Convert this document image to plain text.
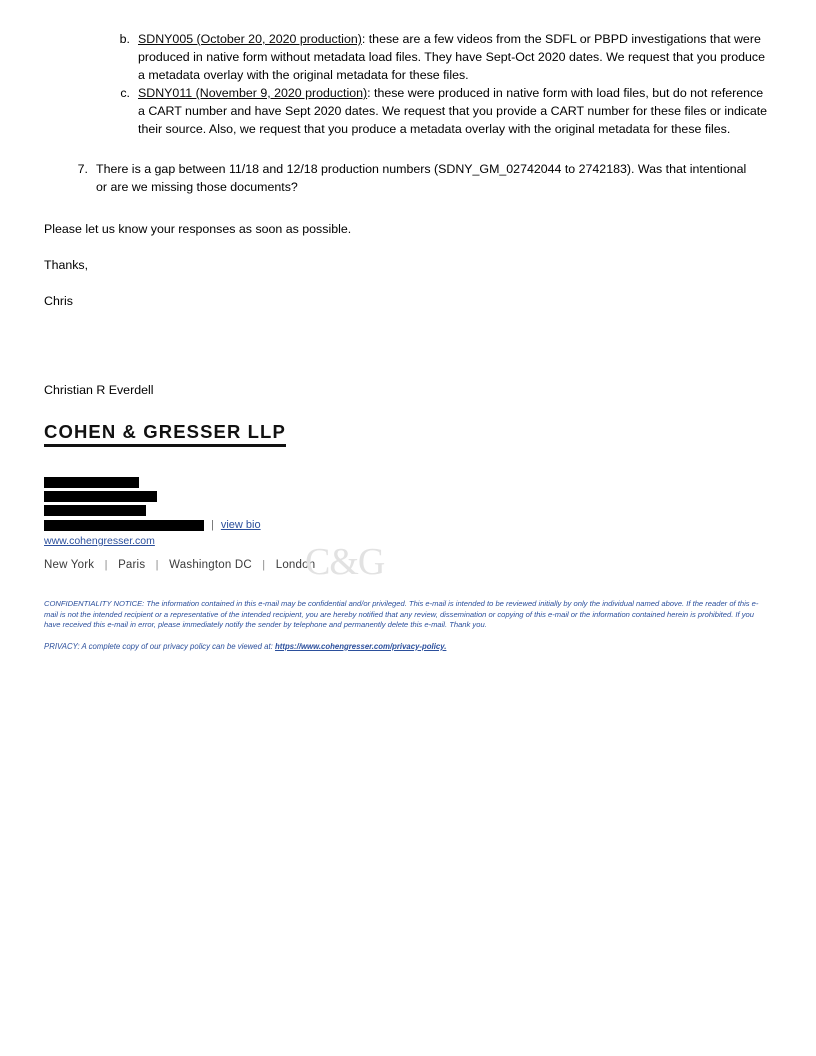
b. SDNY005 (October 20, 2020 production): these are a few videos from the SDFL or PBPD investigations that were produced in native form without metadata load files. They have Sept-Oct 2020 dates. We request that you produce a metadata overlay with the original metadata for these files.
c. SDNY011 (November 9, 2020 production): these were produced in native form with load files, but do not reference a CART number and have Sept 2020 dates. We request that you provide a CART number for these files or indicate their source. Also, we request that you produce a metadata overlay with the original metadata for these files.
7. There is a gap between 11/18 and 12/18 production numbers (SDNY_GM_02742044 to 2742183). Was that intentional or are we missing those documents?

Please let us know your responses as soon as possible.

Thanks,

Chris

Christian R Everdell
COHEN & GRESSER LLP
| view bio
www.cohengresser.com
New York | Paris | Washington DC | London
C&G
CONFIDENTIALITY NOTICE: The information contained in this e-mail may be confidential and/or privileged. This e-mail is intended to be reviewed initially by only the individual named above. If the reader of this e-mail is not the intended recipient or a representative of the intended recipient, you are hereby notified that any review, dissemination or copying of this e-mail or the information contained herein is prohibited. If you have received this e-mail in error, please immediately notify the sender by telephone and permanently delete this e-mail. Thank you.
PRIVACY: A complete copy of our privacy policy can be viewed at: https://www.cohengresser.com/privacy-policy.
